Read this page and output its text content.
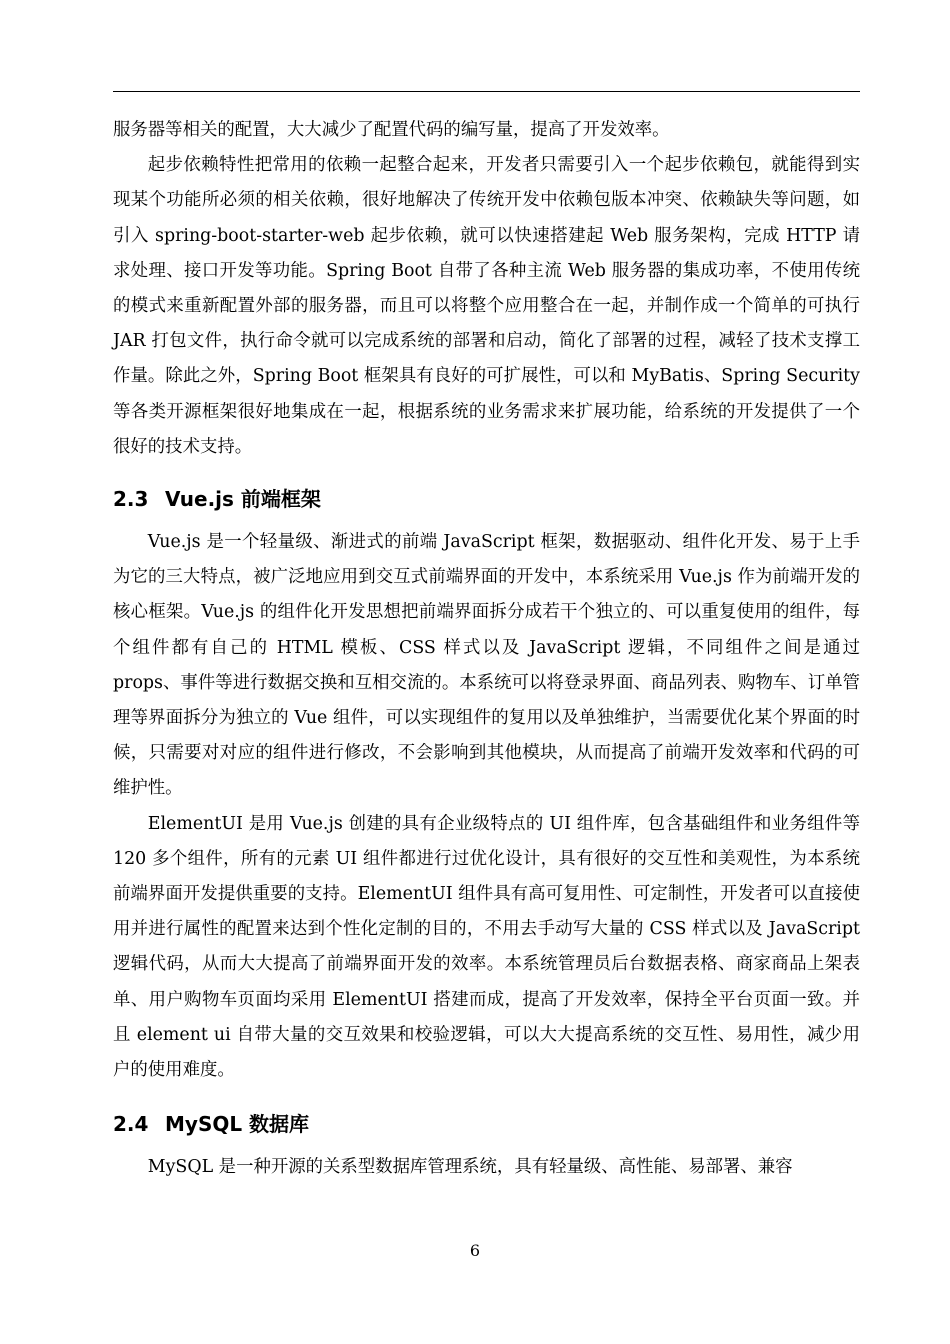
服务器等相关的配置，大大减少了配置代码的编写量，提高了开发效率。

起步依赖特性把常用的依赖一起整合起来，开发者只需要引入一个起步依赖包，就能得到实现某个功能所必须的相关依赖，很好地解决了传统开发中依赖包版本冲突、依赖缺失等问题，如引入 spring-boot-starter-web 起步依赖，就可以快速搭建起 Web 服务架构，完成 HTTP 请求处理、接口开发等功能。Spring Boot 自带了各种主流 Web 服务器的集成功率，不使用传统的模式来重新配置外部的服务器，而且可以将整个应用整合在一起，并制作成一个简单的可执行 JAR 打包文件，执行命令就可以完成系统的部署和启动，简化了部署的过程，减轻了技术支撑工作量。除此之外，Spring Boot 框架具有良好的可扩展性，可以和 MyBatis、Spring Security 等各类开源框架很好地集成在一起，根据系统的业务需求来扩展功能，给系统的开发提供了一个很好的技术支持。

2.3 Vue.js 前端框架

Vue.js 是一个轻量级、渐进式的前端 JavaScript 框架，数据驱动、组件化开发、易于上手为它的三大特点，被广泛地应用到交互式前端界面的开发中，本系统采用 Vue.js 作为前端开发的核心框架。Vue.js 的组件化开发思想把前端界面拆分成若干个独立的、可以重复使用的组件，每个组件都有自己的 HTML 模板、CSS 样式以及 JavaScript 逻辑，不同组件之间是通过 props、事件等进行数据交换和互相交流的。本系统可以将登录界面、商品列表、购物车、订单管理等界面拆分为独立的 Vue 组件，可以实现组件的复用以及单独维护，当需要优化某个界面的时候，只需要对对应的组件进行修改，不会影响到其他模块，从而提高了前端开发效率和代码的可维护性。

ElementUI 是用 Vue.js 创建的具有企业级特点的 UI 组件库，包含基础组件和业务组件等 120 多个组件，所有的元素 UI 组件都进行过优化设计，具有很好的交互性和美观性，为本系统前端界面开发提供重要的支持。ElementUI 组件具有高可复用性、可定制性，开发者可以直接使用并进行属性的配置来达到个性化定制的目的，不用去手动写大量的 CSS 样式以及 JavaScript 逻辑代码，从而大大提高了前端界面开发的效率。本系统管理员后台数据表格、商家商品上架表单、用户购物车页面均采用 ElementUI 搭建而成，提高了开发效率，保持全平台页面一致。并且 element ui 自带大量的交互效果和校验逻辑，可以大大提高系统的交互性、易用性，减少用户的使用难度。

2.4 MySQL 数据库

MySQL 是一种开源的关系型数据库管理系统，具有轻量级、高性能、易部署、兼容

6
